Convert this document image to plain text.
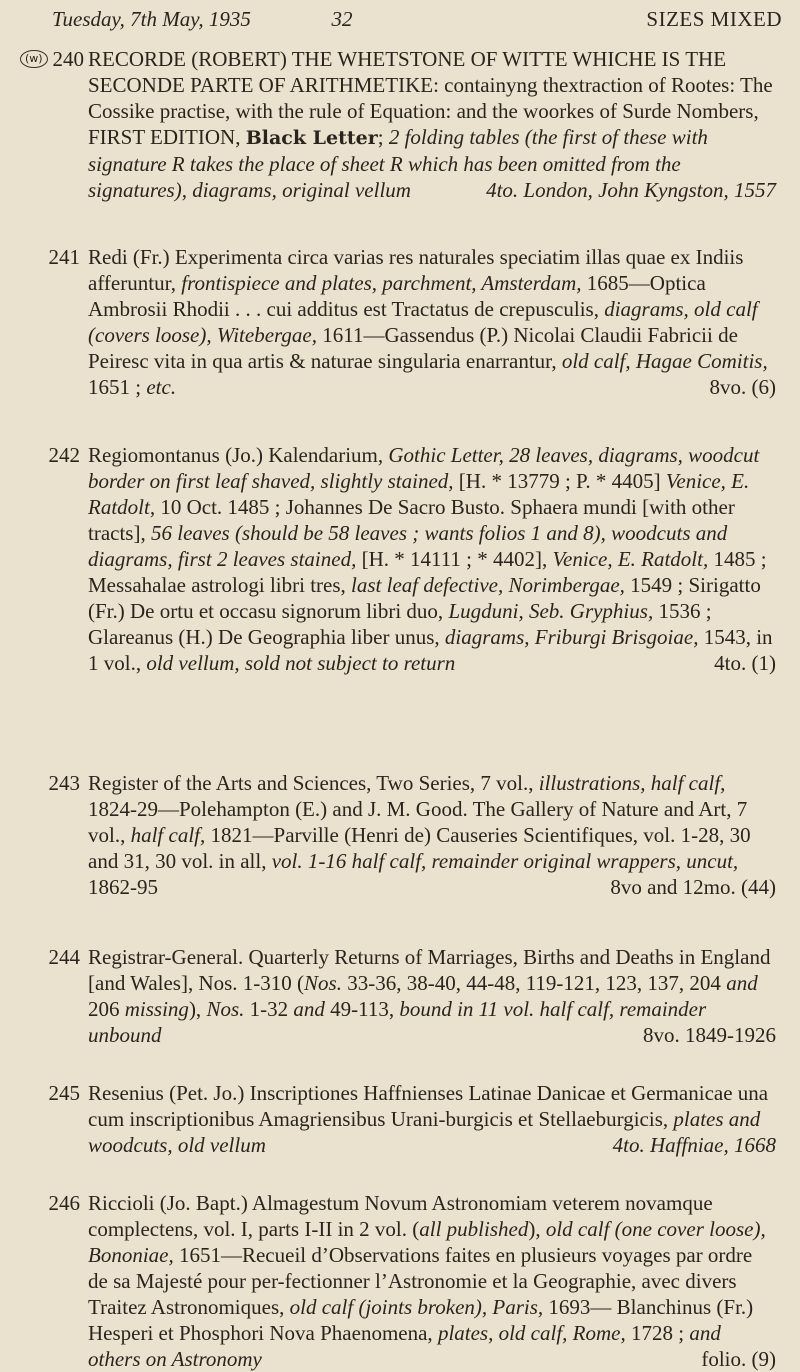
Tuesday, 7th May, 1935	32	SIZES MIXED
(w) 240 RECORDE (ROBERT) THE WHETSTONE OF WITTE WHICHE IS THE SECONDE PARTE OF ARITHMETIKE: containyng thextraction of Rootes: The Cossike practise, with the rule of Equation: and the woorkes of Surde Nombers, FIRST EDITION, Black Letter; 2 folding tables (the first of these with signature R takes the place of sheet R which has been omitted from the signatures), diagrams, original vellum	4to. London, John Kyngston, 1557
241 Redi (Fr.) Experimenta circa varias res naturales speciatim illas quae ex Indiis afferuntur, frontispiece and plates, parchment, Amsterdam, 1685—Optica Ambrosii Rhodii . . . cui additus est Tractatus de crepusculis, diagrams, old calf (covers loose), Witebergae, 1611—Gassendus (P.) Nicolai Claudii Fabricii de Peiresc vita in qua artis & naturae singularia enarrantur, old calf, Hagae Comitis, 1651 ; etc.	8vo. (6)
242 Regiomontanus (Jo.) Kalendarium, Gothic Letter, 28 leaves, diagrams, woodcut border on first leaf shaved, slightly stained, [H. * 13779 ; P. * 4405] Venice, E. Ratdolt, 10 Oct. 1485 ; Johannes De Sacro Busto. Sphaera mundi [with other tracts], 56 leaves (should be 58 leaves ; wants folios 1 and 8), woodcuts and diagrams, first 2 leaves stained, [H. * 14111 ; * 4402], Venice, E. Ratdolt, 1485 ; Messahalae astrologi libri tres, last leaf defective, Norimbergae, 1549 ; Sirigatto (Fr.) De ortu et occasu signorum libri duo, Lugduni, Seb. Gryphius, 1536 ; Glareanus (H.) De Geographia liber unus, diagrams, Friburgi Brisgoiae, 1543, in 1 vol., old vellum, sold not subject to return	4to. (1)
243 Register of the Arts and Sciences, Two Series, 7 vol., illustrations, half calf, 1824-29—Polehampton (E.) and J. M. Good. The Gallery of Nature and Art, 7 vol., half calf, 1821—Parville (Henri de) Causeries Scientifiques, vol. 1-28, 30 and 31, 30 vol. in all, vol. 1-16 half calf, remainder original wrappers, uncut, 1862-95	8vo and 12mo. (44)
244 Registrar-General. Quarterly Returns of Marriages, Births and Deaths in England [and Wales], Nos. 1-310 (Nos. 33-36, 38-40, 44-48, 119-121, 123, 137, 204 and 206 missing), Nos. 1-32 and 49-113, bound in 11 vol. half calf, remainder unbound	8vo. 1849-1926
245 Resenius (Pet. Jo.) Inscriptiones Haffnienses Latinae Danicae et Germanicae una cum inscriptionibus Amagriensibus Urani-burgicis et Stellaeburgicis, plates and woodcuts, old vellum	4to. Haffniae, 1668
246 Riccioli (Jo. Bapt.) Almagestum Novum Astronomiam veterem novamque complectens, vol. I, parts I-II in 2 vol. (all published), old calf (one cover loose), Bononiae, 1651—Recueil d’Observations faites en plusieurs voyages par ordre de sa Majesté pour per-fectionner l’Astronomie et la Geographie, avec divers Traitez Astronomiques, old calf (joints broken), Paris, 1693— Blanchinus (Fr.) Hesperi et Phosphori Nova Phaenomena, plates, old calf, Rome, 1728 ; and others on Astronomy	folio. (9)
